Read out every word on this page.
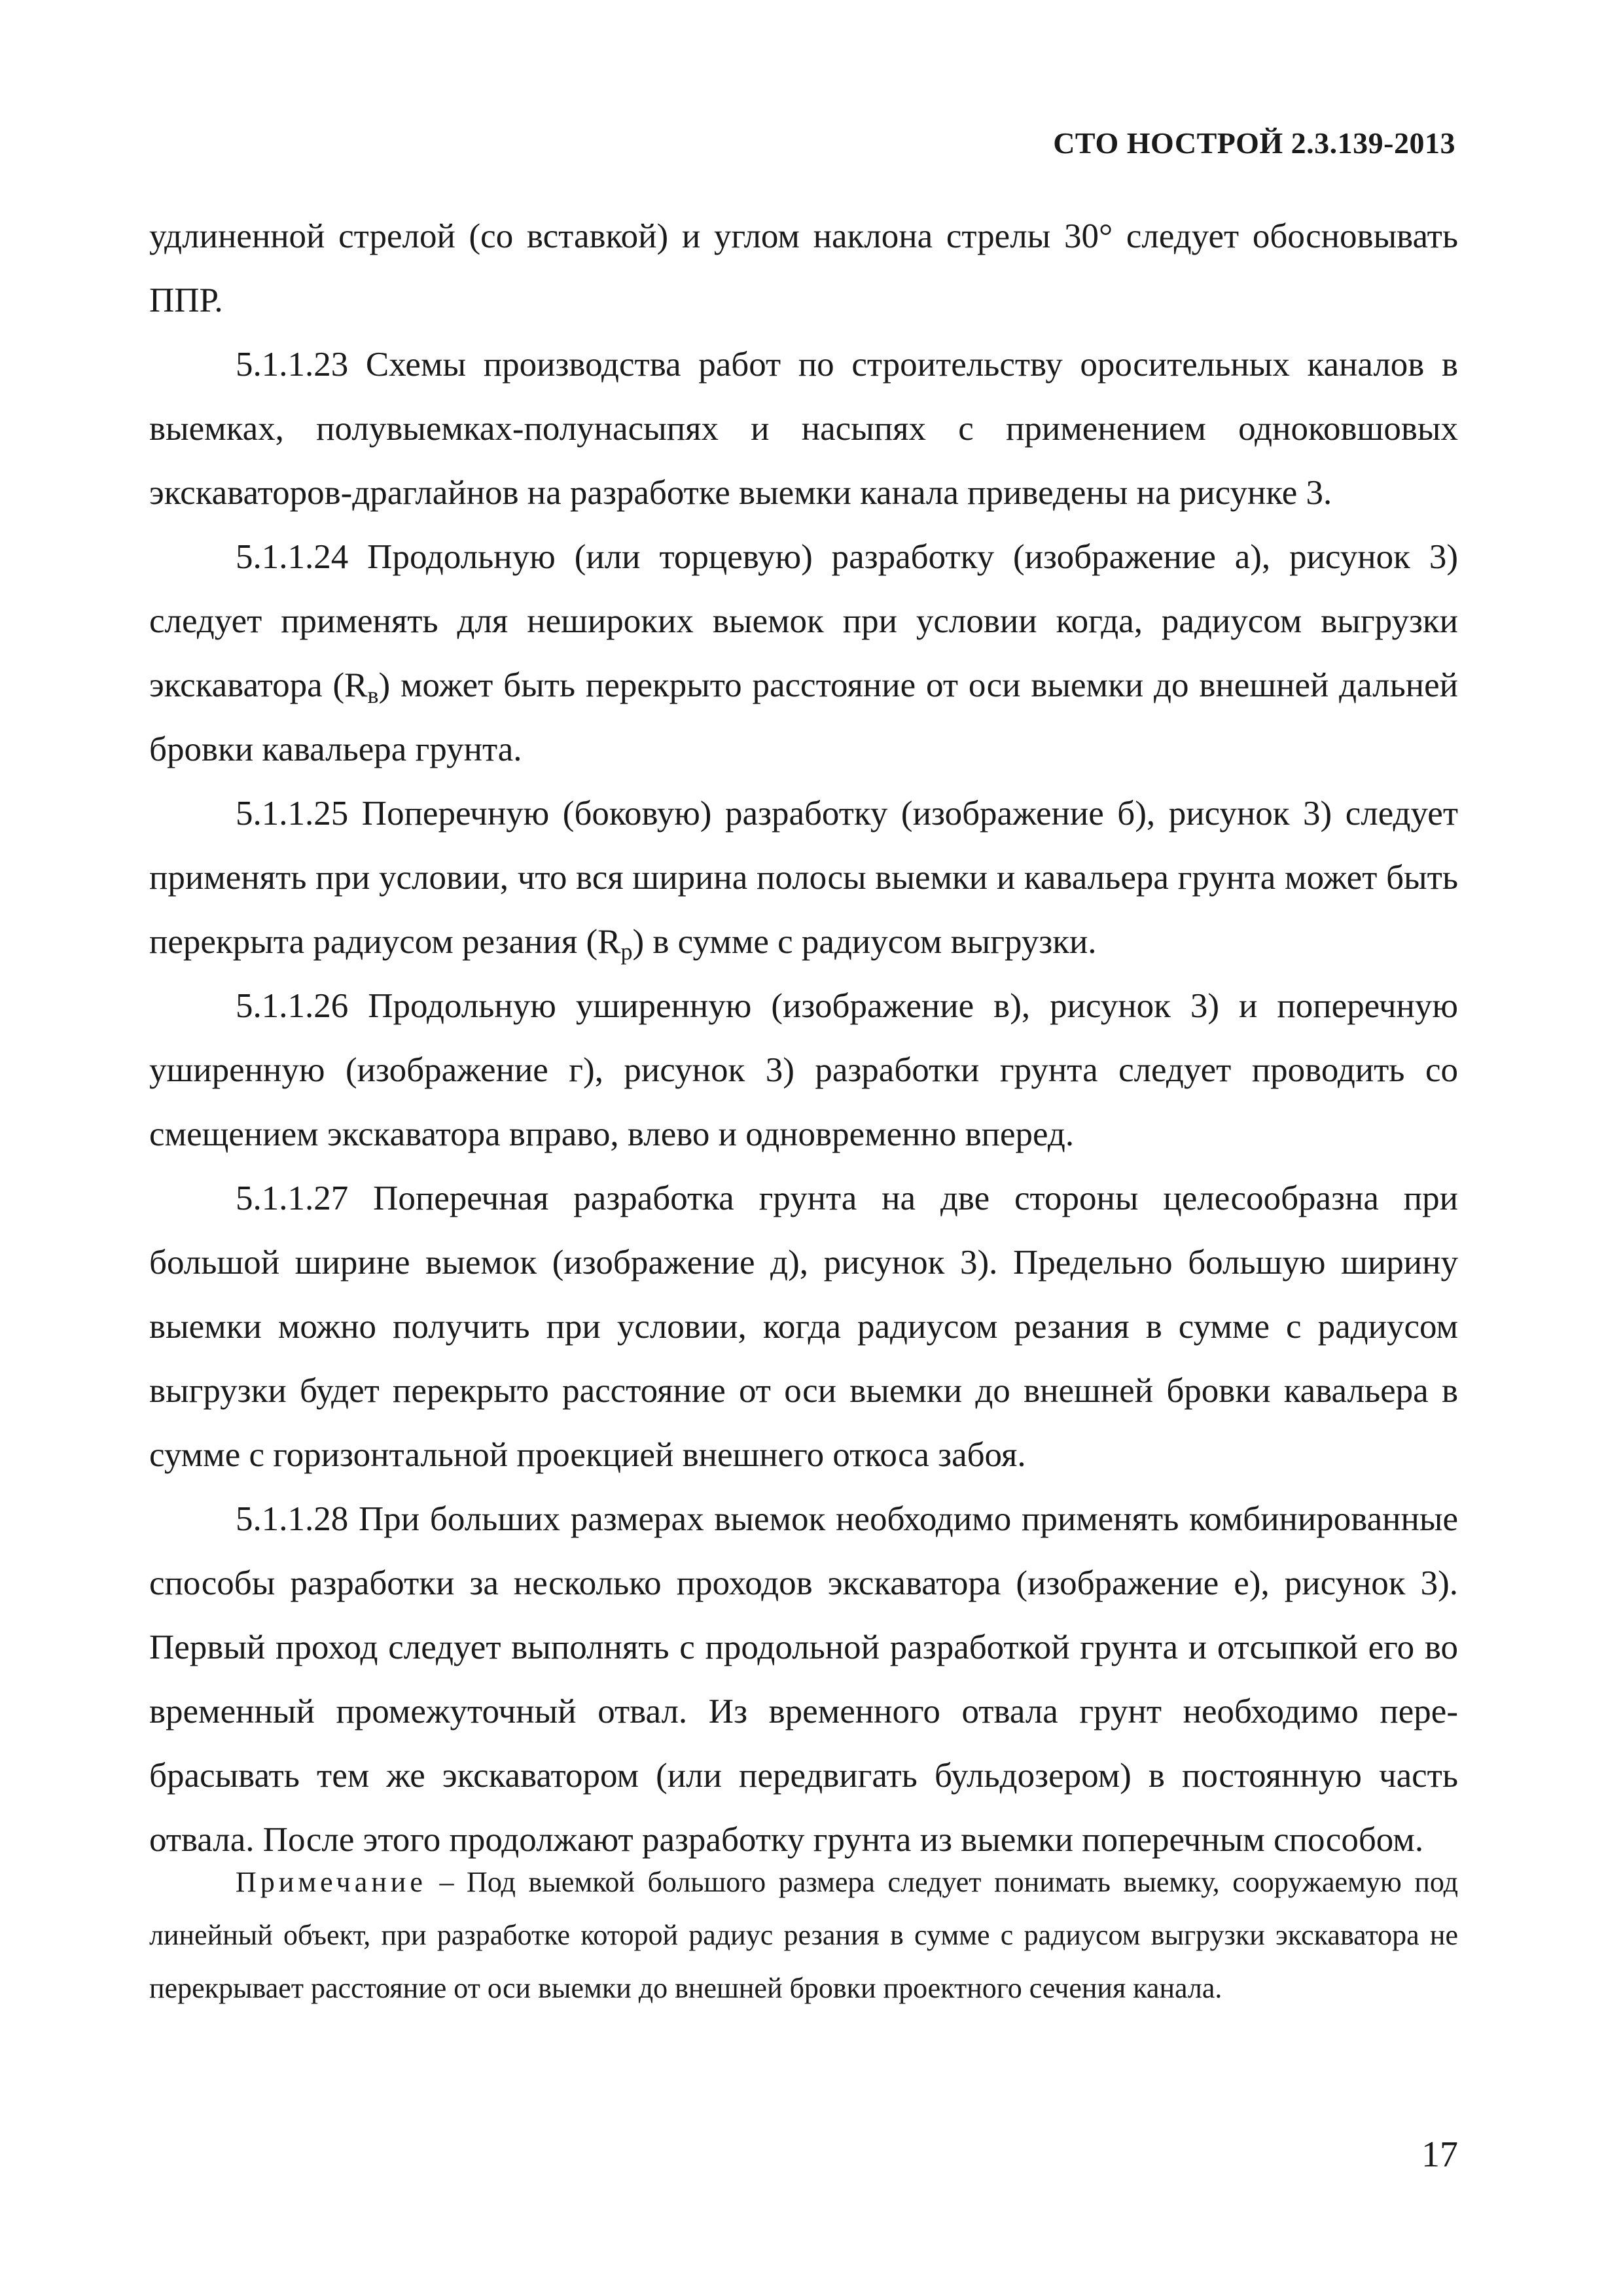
СТО НОСТРОЙ 2.3.139-2013

удлиненной стрелой (со вставкой) и углом наклона стрелы 30° следует обосновывать ППР.

5.1.1.23 Схемы производства работ по строительству оросительных каналов в выемках, полувыемках-полунасыпях и насыпях с применением одноковшовых экскаваторов-драглайнов на разработке выемки канала приведены на рисунке 3.

5.1.1.24 Продольную (или торцевую) разработку (изображение а), рисунок 3) следует применять для нешироких выемок при условии когда, радиусом выгрузки экскаватора $(R_в)$ может быть перекрыто расстояние от оси выемки до внешней дальней бровки кавальера грунта.

5.1.1.25 Поперечную (боковую) разработку (изображение б), рисунок 3) следует применять при условии, что вся ширина полосы выемки и кавальера грунта может быть перекрыта радиусом резания $(R_р)$ в сумме с радиусом выгрузки.

5.1.1.26 Продольную уширенную (изображение в), рисунок 3) и поперечную уширенную (изображение г), рисунок 3) разработки грунта следует проводить со смещением экскаватора вправо, влево и одновременно вперед.

5.1.1.27 Поперечная разработка грунта на две стороны целесообразна при большой ширине выемок (изображение д), рисунок 3). Предельно большую ширину выемки можно получить при условии, когда радиусом резания в сумме с радиусом выгрузки будет перекрыто расстояние от оси выемки до внешней бровки кавальера в сумме с горизонтальной проекцией внешнего откоса забоя.

5.1.1.28 При больших размерах выемок необходимо применять комбинированные способы разработки за несколько проходов экскаватора (изображение е), рисунок 3). Первый проход следует выполнять с продольной разработкой грунта и отсыпкой его во временный промежуточный отвал. Из временного отвала грунт необходимо перебрасывать тем же экскаватором (или передвигать бульдозером) в постоянную часть отвала. После этого продолжают разработку грунта из выемки поперечным способом.

Примечание – Под выемкой большого размера следует понимать выемку, сооружаемую под линейный объект, при разработке которой радиус резания в сумме с радиусом выгрузки экскаватора не перекрывает расстояние от оси выемки до внешней бровки проектного сечения канала.

17
